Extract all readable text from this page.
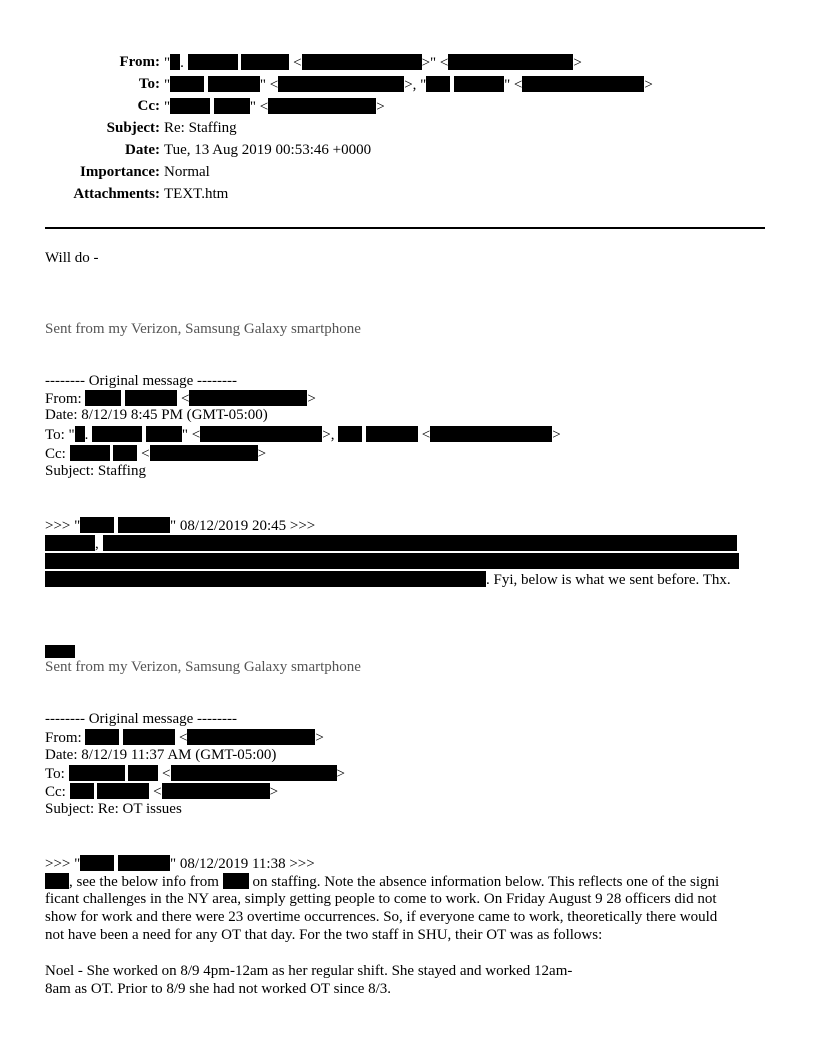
From: " .	<	>" <	>
To: "	" <	>, "	" <	>
Cc: "	" <	>
Subject: Re: Staffing
Date: Tue, 13 Aug 2019 00:53:46 +0000
Importance: Normal
Attachments: TEXT.htm
Will do -
Sent from my Verizon, Samsung Galaxy smartphone
-------- Original message --------
From:	<	>
Date: 8/12/19 8:45 PM (GMT-05:00)
To: " .	" <	>,	<	>
Cc:	<	>
Subject: Staffing
>>> "	" 08/12/2019 20:45 >>>
,
. Fyi, below is what we sent before. Thx.
Sent from my Verizon, Samsung Galaxy smartphone
-------- Original message --------
From:	<	>
Date: 8/12/19 11:37 AM (GMT-05:00)
To:	<	>
Cc:	<	>
Subject: Re: OT issues
>>> "	" 08/12/2019 11:38 >>>
, see the below info from  on staffing. Note the absence information below. This reflects one of the signi
ficant challenges in the NY area, simply getting people to come to work. On Friday August 9 28 officers did not
show for work and there were 23 overtime occurrences. So, if everyone came to work, theoretically there would
not have been a need for any OT that day. For the two staff in SHU, their OT was as follows:
Noel - She worked on 8/9 4pm-12am as her regular shift. She stayed and worked 12am-
8am as OT. Prior to 8/9 she had not worked OT since 8/3.
